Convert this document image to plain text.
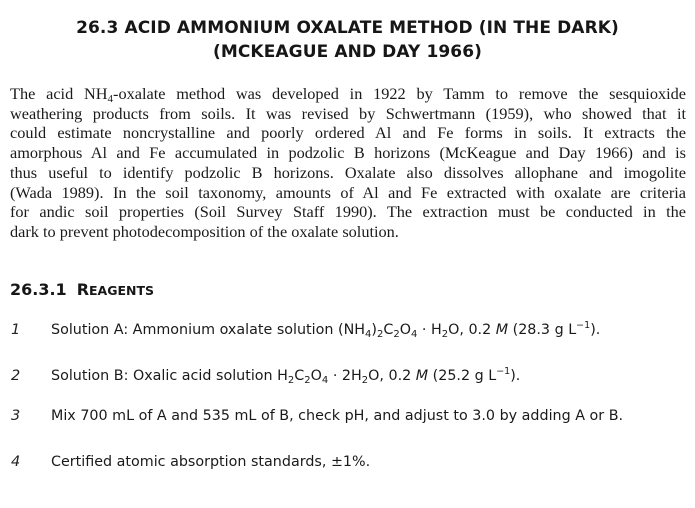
26.3 ACID AMMONIUM OXALATE METHOD (IN THE DARK)
(MCKEAGUE AND DAY 1966)
The acid $NH_4$-oxalate method was developed in 1922 by Tamm to remove the sesquioxide
weathering products from soils. It was revised by Schwertmann (1959), who showed that it
could estimate noncrystalline and poorly ordered Al and Fe forms in soils. It extracts the
amorphous Al and Fe accumulated in podzolic B horizons (McKeague and Day 1966) and is
thus useful to identify podzolic B horizons. Oxalate also dissolves allophane and imogolite
(Wada 1989). In the soil taxonomy, amounts of Al and Fe extracted with oxalate are criteria
for andic soil properties (Soil Survey Staff 1990). The extraction must be conducted in the
dark to prevent photodecomposition of the oxalate solution.
26.3.1 REAGENTS
1 Solution A: Ammonium oxalate solution $(NH_4)_2C_2O_4 \cdot H_2O$, 0.2 M (28.3 g $L^{-1}$).
2 Solution B: Oxalic acid solution $H_2C_2O_4 \cdot 2H_2O$, 0.2 M (25.2 g $L^{-1}$).
3 Mix 700 mL of A and 535 mL of B, check pH, and adjust to 3.0 by adding A or B.
4 Certified atomic absorption standards, ±1%.
